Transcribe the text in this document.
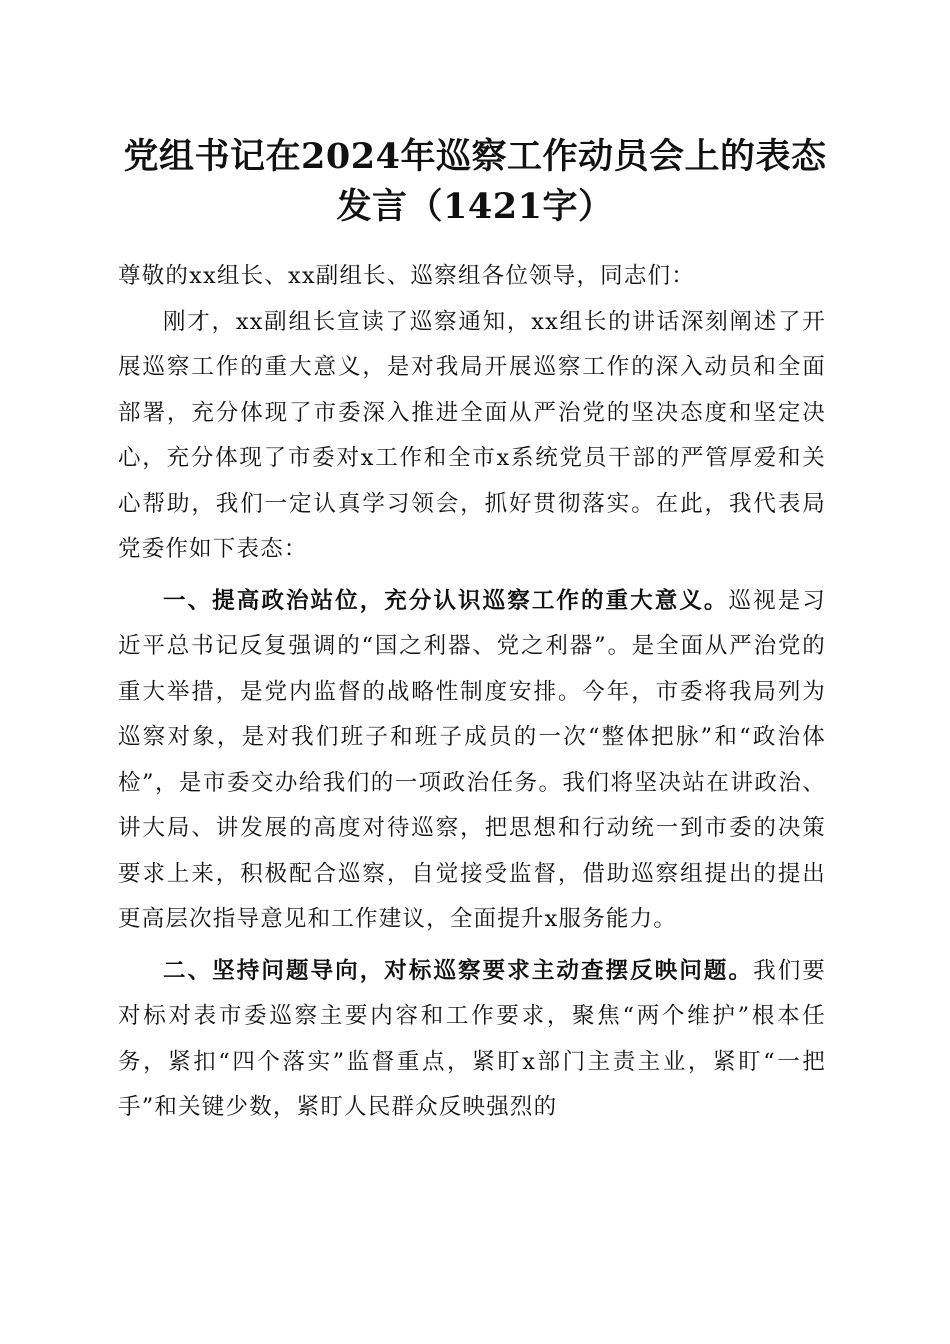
党组书记在2024年巡察工作动员会上的表态
发言（1421字）

尊敬的xx组长、xx副组长、巡察组各位领导，同志们：

刚才，xx副组长宣读了巡察通知，xx组长的讲话深刻阐述了开展巡察工作的重大意义，是对我局开展巡察工作的深入动员和全面部署，充分体现了市委深入推进全面从严治党的坚决态度和坚定决心，充分体现了市委对x工作和全市x系统党员干部的严管厚爱和关心帮助，我们一定认真学习领会，抓好贯彻落实。在此，我代表局党委作如下表态：

一、提高政治站位，充分认识巡察工作的重大意义。巡视是习近平总书记反复强调的“国之利器、党之利器”。是全面从严治党的重大举措，是党内监督的战略性制度安排。今年，市委将我局列为巡察对象，是对我们班子和班子成员的一次“整体把脉”和“政治体检”，是市委交办给我们的一项政治任务。我们将坚决站在讲政治、讲大局、讲发展的高度对待巡察，把思想和行动统一到市委的决策要求上来，积极配合巡察，自觉接受监督，借助巡察组提出的提出更高层次指导意见和工作建议，全面提升x服务能力。

二、坚持问题导向，对标巡察要求主动查摆反映问题。我们要对标对表市委巡察主要内容和工作要求，聚焦“两个维护”根本任务，紧扣“四个落实”监督重点，紧盯x部门主责主业，紧盯“一把手”和关键少数，紧盯人民群众反映强烈的
